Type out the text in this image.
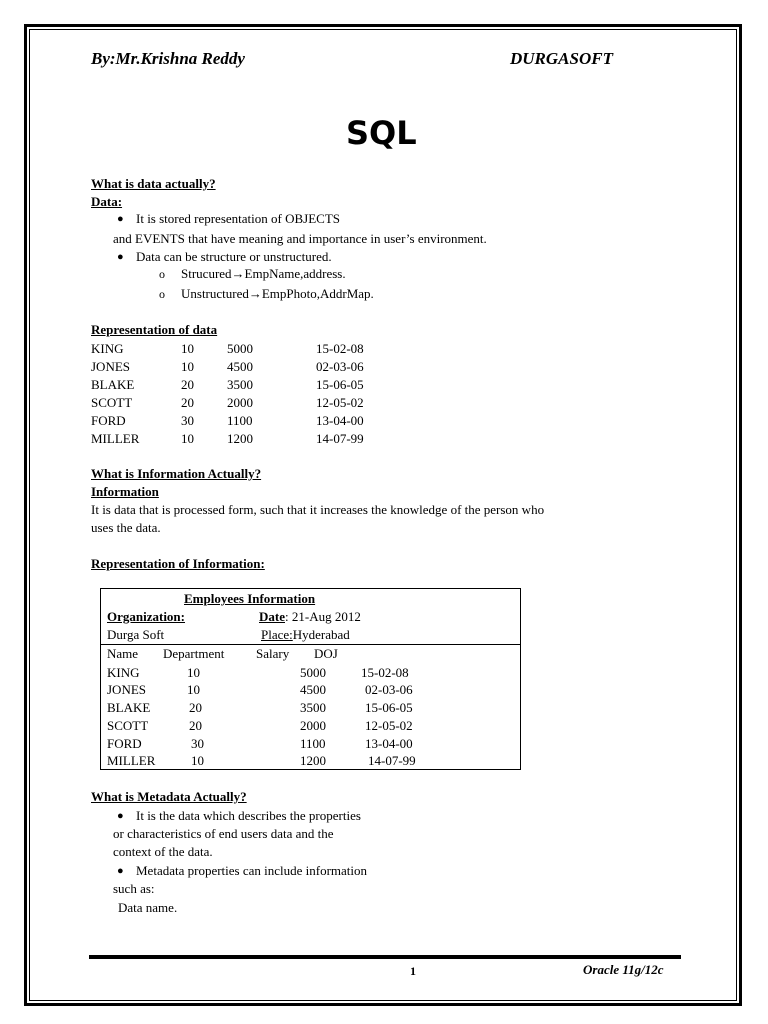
By:Mr.Krishna Reddy	DURGASOFT
SQL
What is data actually?
Data:
● It is stored representation of OBJECTS
and EVENTS that have meaning and importance in user’s environment.
● Data can be structure or unstructured.
o Strucured→EmpName,address.
o Unstructured→EmpPhoto,AddrMap.
Representation of data
KING	10	5000	15-02-08
JONES	10	4500	02-03-06
BLAKE	20	3500	15-06-05
SCOTT	20	2000	12-05-02
FORD	30	1100	13-04-00
MILLER	10	1200	14-07-99
What is Information Actually?
Information
It is data that is processed form, such that it increases the knowledge of the person who
uses the data.
Representation of Information:
Employees Information
Organization:	Date: 21-Aug 2012
Durga Soft	Place:Hyderabad
Name Department Salary DOJ
KING	10	5000	15-02-08
JONES	10	4500	02-03-06
BLAKE	20	3500	15-06-05
SCOTT	20	2000	12-05-02
FORD	30	1100	13-04-00
MILLER	10	1200	14-07-99
What is Metadata Actually?
● It is the data which describes the properties
or characteristics of end users data and the
context of the data.
● Metadata properties can include information
such as:
Data name.
1	Oracle 11g/12c
